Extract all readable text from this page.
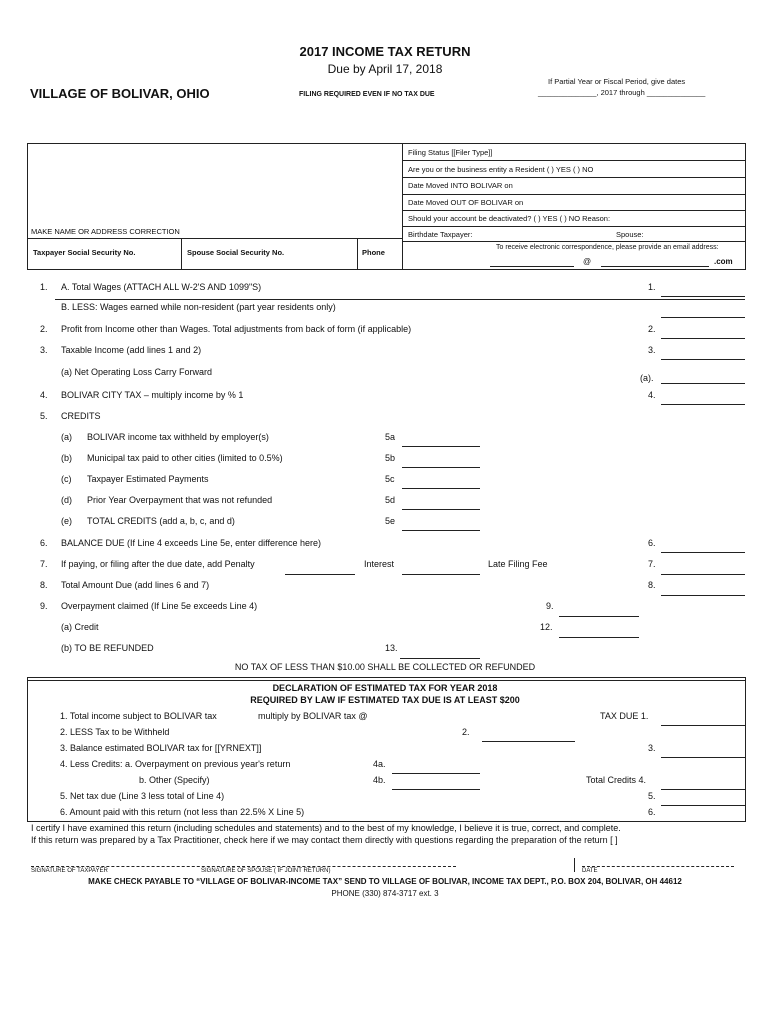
2017 INCOME TAX RETURN
Due by April 17, 2018
VILLAGE OF BOLIVAR, OHIO	FILING REQUIRED EVEN IF NO TAX DUE
If Partial Year or Fiscal Period, give dates
______________, 2017 through ______________
MAKE NAME OR ADDRESS CORRECTION
Taxpayer Social Security No.	Spouse Social Security No.	Phone
Filing Status [[Filer Type]]
Are you or the business entity a Resident ( ) YES ( ) NO
Date Moved INTO BOLIVAR on
Date Moved OUT OF BOLIVAR on
Should your account be deactivated? ( ) YES ( ) NO Reason:
Birthdate Taxpayer:	Spouse:
To receive electronic correspondence, please provide an email address:
@	.com
1. A. Total Wages (ATTACH ALL W-2'S AND 1099"S)	1.
B. LESS: Wages earned while non-resident (part year residents only)
2. Profit from Income other than Wages. Total adjustments from back of form (if applicable)	2.
3. Taxable Income (add lines 1 and 2)	3.
(a) Net Operating Loss Carry Forward
(a).
4. BOLIVAR CITY TAX – multiply income by % 1	4.
5. CREDITS
(a) BOLIVAR income tax withheld by employer(s)	5a
(b) Municipal tax paid to other cities (limited to 0.5%)	5b
(c) Taxpayer Estimated Payments	5c
(d) Prior Year Overpayment that was not refunded	5d
(e) TOTAL CREDITS (add a, b, c, and d)	5e
6. BALANCE DUE (If Line 4 exceeds Line 5e, enter difference here)	6.
7. If paying, or filing after the due date, add Penalty	Interest	Late Filing Fee	7.
8. Total Amount Due (add lines 6 and 7)	8.
9. Overpayment claimed (If Line 5e exceeds Line 4)	9.
(a) Credit	12.
(b) TO BE REFUNDED	13.
NO TAX OF LESS THAN $10.00 SHALL BE COLLECTED OR REFUNDED
DECLARATION OF ESTIMATED TAX FOR YEAR 2018
REQUIRED BY LAW IF ESTIMATED TAX DUE IS AT LEAST $200
1. Total income subject to BOLIVAR tax	multiply by BOLIVAR tax @	TAX DUE 1.
2. LESS Tax to be Withheld	2.
3. Balance estimated BOLIVAR tax for [[YRNEXT]]	3.
4. Less Credits: a. Overpayment on previous year's return	4a.
b. Other (Specify)	4b.	Total Credits 4.
5. Net tax due (Line 3 less total of Line 4)	5.
6. Amount paid with this return (not less than 22.5% X Line 5)	6.
I certify I have examined this return (including schedules and statements) and to the best of my knowledge, I believe it is true, correct, and complete.
If this return was prepared by a Tax Practitioner, check here if we may contact them directly with questions regarding the preparation of the return [ ]
SIGNATURE OF TAXPAYER	SIGNATURE OF SPOUSE ( IF JOINT RETURN)	DATE
MAKE CHECK PAYABLE TO “VILLAGE OF BOLIVAR-INCOME TAX” SEND TO VILLAGE OF BOLIVAR, INCOME TAX DEPT., P.O. BOX 204, BOLIVAR, OH 44612
PHONE (330) 874-3717 ext. 3
